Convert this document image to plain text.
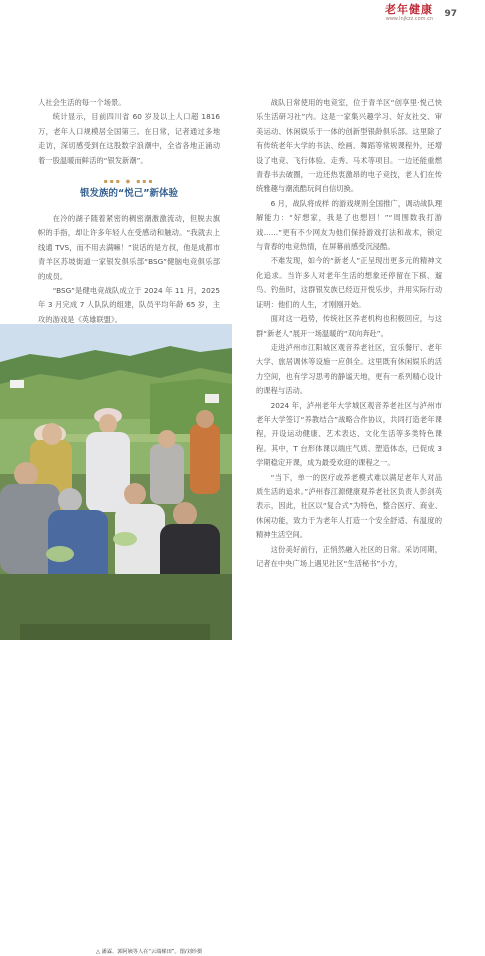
老年健康
www.lnjkzz.com.cn 97

人社会生活的每一个场景。

统计显示，目前四川省 60 岁及以上人口超 1816 万，老年人口规模居全国第三。在日常，记者通过多地走访，深切感受到在这股数字浪潮中，全省各地正涌动着一股温暖而鲜活的“银发新潮”。

▪▪▪ ◆ ▪▪▪
银发族的“悦己”新体验

在冷的湖子随着紧密的稠密潮激激流动，但脱去旗帜的手指，却让许多年轻人在受感动和触动。“我就去上线通 TVS，而不用去满嘛！”说话的是方叔，他是成都市青羊区苏坡街道一家银发俱乐部“BSG”健脑电竞俱乐部的成员。

“BSG”是健电竞战队成立于 2024 年 11 月，2025 年 3 月完成 7 人队队的组建，队员平均年龄 65 岁，主攻的游戏是《英雄联盟》。

战队日常使用的电竞室，位于青羊区“创享里·悦己快乐生活研习社”内。这是一家集兴趣学习、好友社交、审美运动、休闲娱乐于一体的创新型银龄俱乐部。这里除了有传统老年大学的书法、绘画、舞蹈等常规课程外，还增设了电竞、飞行体验、走秀、马术等项目。一边还能重燃青春书去破圈，一边还热衷激昂的电子竞技，老人们在传统雅趣与潮流酷玩间自信切换。

6 月，战队将成样 的游戏规则全国推广，调动战队理解能力：“好想家，我是了也想回！”“周围数我打游戏……”更有不少网友为他们保持游戏打法和战术，锁定与青春的电竞热情，在屏幕前感受沉浸酷。

不难发现，如今的“新老人”正呈现出更多元的精神文化追求。当许多人对老年生活的想象还停留在下棋、遛鸟、钓鱼时，这群银发族已经迈开悦乐步，并用实际行动证明：他们的人生，才刚刚开始。

面对这一趋势，传统社区养老机构也积极回应，与这群“新老人”展开一场温暖的“双向奔赴”。

走进泸州市江阳城区观音养老社区，宜乐餐厅、老年大学、旅居调休等设施一应俱全。这里既有休闲娱乐的活力空间，也有学习思考的静谧天地，更有一系列精心设计的课程与活动。

2024 年，泸州老年大学城区观音养老社区与泸州市老年大学签订“养教结合”战略合作协议，共同打造老年课程，开设运动健康、艺术表达、文化生活等多类特色课程。其中，T 台形体课以端庄气质、塑造体态，已促成 3 学期稳定开课，成为最受欢迎的课程之一。

“当下，单一的医疗或养老模式难以满足老年人对品质生活的追求。”泸州春江源健康观养老社区负责人彭剑英表示，因此，社区以“复合式”为特色，整合医疗、商业、休闲功能，致力于为老年人打造一个安全舒适、有温度的精神生活空间。

这份美好前行，正悄然融入社区的日常。采访同期，记者在中央广场上遇见社区“生活秘书”小方，

△ 潘霖、郭阿姨等人在“云端梯田”。图/刘珍摄
